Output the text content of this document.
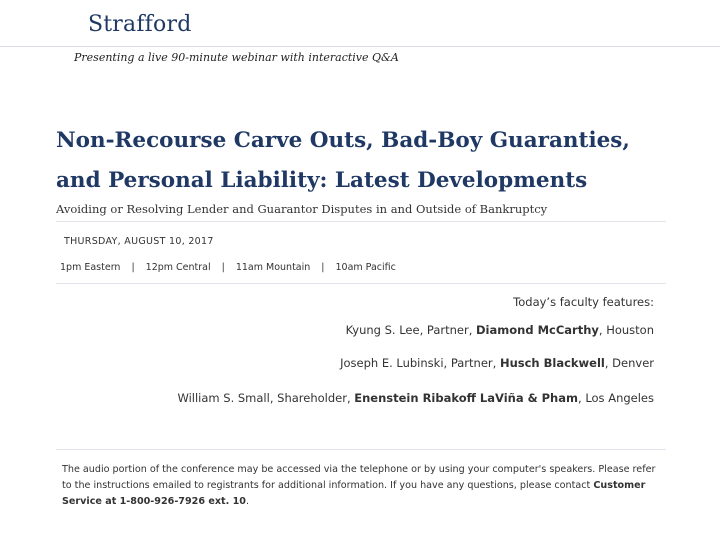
Strafford
Presenting a live 90-minute webinar with interactive Q&A
Non-Recourse Carve Outs, Bad-Boy Guaranties,
and Personal Liability: Latest Developments
Avoiding or Resolving Lender and Guarantor Disputes in and Outside of Bankruptcy
THURSDAY, AUGUST 10, 2017
1pm Eastern | 12pm Central | 11am Mountain | 10am Pacific
Today’s faculty features:
Kyung S. Lee, Partner, Diamond McCarthy, Houston
Joseph E. Lubinski, Partner, Husch Blackwell, Denver
William S. Small, Shareholder, Enenstein Ribakoff LaViña & Pham, Los Angeles

The audio portion of the conference may be accessed via the telephone or by using your computer's speakers. Please refer to the instructions emailed to registrants for additional information. If you have any questions, please contact Customer Service at 1-800-926-7926 ext. 10.
